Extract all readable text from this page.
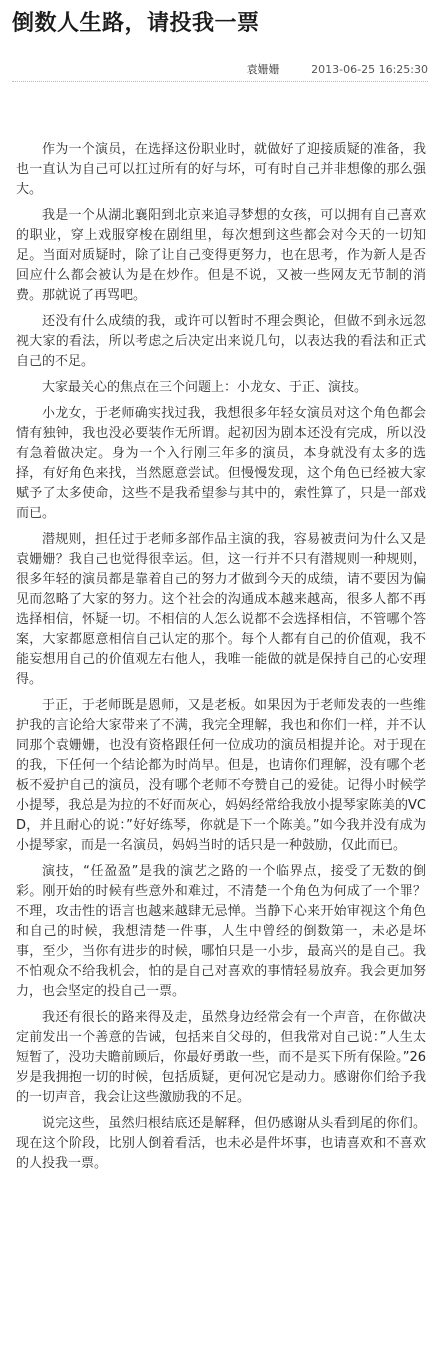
倒数人生路，请投我一票
袁姗姗	2013-06-25 16:25:30

作为一个演员，在选择这份职业时，就做好了迎接质疑的准备，我也一直认为自己可以扛过所有的好与坏，可有时自己并非想像的那么强大。

我是一个从湖北襄阳到北京来追寻梦想的女孩，可以拥有自己喜欢的职业，穿上戏服穿梭在剧组里，每次想到这些都会对今天的一切知足。当面对质疑时，除了让自己变得更努力，也在思考，作为新人是否回应什么都会被认为是在炒作。但是不说，又被一些网友无节制的消费。那就说了再骂吧。

还没有什么成绩的我，或许可以暂时不理会舆论，但做不到永远忽视大家的看法，所以考虑之后决定出来说几句，以表达我的看法和正式自己的不足。

大家最关心的焦点在三个问题上：小龙女、于正、演技。

小龙女，于老师确实找过我，我想很多年轻女演员对这个角色都会情有独钟，我也没必要装作无所谓。起初因为剧本还没有完成，所以没有急着做决定。身为一个入行刚三年多的演员，本身就没有太多的选择，有好角色来找，当然愿意尝试。但慢慢发现，这个角色已经被大家赋予了太多使命，这些不是我希望参与其中的，索性算了，只是一部戏而已。

潜规则，担任过于老师多部作品主演的我，容易被责问为什么又是袁姗姗？我自己也觉得很幸运。但，这一行并不只有潜规则一种规则，很多年轻的演员都是靠着自己的努力才做到今天的成绩，请不要因为偏见而忽略了大家的努力。这个社会的沟通成本越来越高，很多人都不再选择相信，怀疑一切。不相信的人怎么说都不会选择相信，不管哪个答案，大家都愿意相信自己认定的那个。每个人都有自己的价值观，我不能妄想用自己的价值观左右他人，我唯一能做的就是保持自己的心安理得。

于正，于老师既是恩师，又是老板。如果因为于老师发表的一些维护我的言论给大家带来了不满，我完全理解，我也和你们一样，并不认同那个袁姗姗，也没有资格跟任何一位成功的演员相提并论。对于现在的我，下任何一个结论都为时尚早。但是，也请你们理解，没有哪个老板不爱护自己的演员，没有哪个老师不夸赞自己的爱徒。记得小时候学小提琴，我总是为拉的不好而灰心，妈妈经常给我放小提琴家陈美的VCD，并且耐心的说：”好好练琴，你就是下一个陈美。”如今我并没有成为小提琴家，而是一名演员，妈妈当时的话只是一种鼓励，仅此而已。

演技，“任盈盈”是我的演艺之路的一个临界点，接受了无数的倒彩。刚开始的时候有些意外和难过，不清楚一个角色为何成了一个罪？不理，攻击性的语言也越来越肆无忌惮。当静下心来开始审视这个角色和自己的时候，我想清楚一件事，人生中曾经的倒数第一，未必是坏事，至少，当你有进步的时候，哪怕只是一小步，最高兴的是自己。我不怕观众不给我机会，怕的是自己对喜欢的事情轻易放弃。我会更加努力，也会坚定的投自己一票。

我还有很长的路来得及走，虽然身边经常会有一个声音，在你做决定前发出一个善意的告诫，包括来自父母的，但我常对自己说：”人生太短暂了，没功夫瞻前顾后，你最好勇敢一些，而不是买下所有保险。”26岁是我拥抱一切的时候，包括质疑，更何况它是动力。感谢你们给予我的一切声音，我会让这些激励我的不足。

说完这些，虽然归根结底还是解释，但仍感谢从头看到尾的你们。现在这个阶段，比别人倒着看活，也未必是件坏事，也请喜欢和不喜欢的人投我一票。
